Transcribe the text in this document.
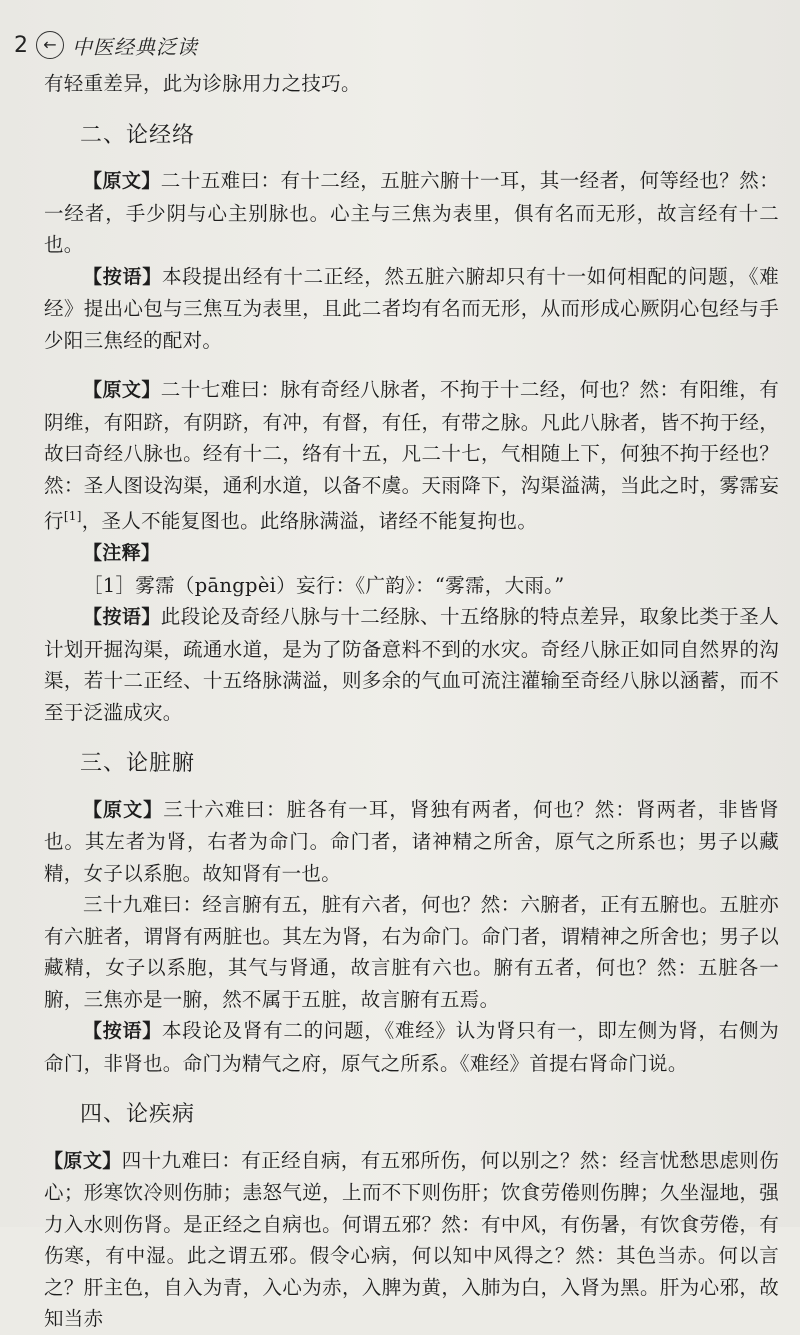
2 ← 中医经典泛读

有轻重差异，此为诊脉用力之技巧。

二、论经络

【原文】二十五难曰：有十二经，五脏六腑十一耳，其一经者，何等经也？然：一经者，手少阴与心主别脉也。心主与三焦为表里，俱有名而无形，故言经有十二也。

【按语】本段提出经有十二正经，然五脏六腑却只有十一如何相配的问题，《难经》提出心包与三焦互为表里，且此二者均有名而无形，从而形成心厥阴心包经与手少阳三焦经的配对。

【原文】二十七难曰：脉有奇经八脉者，不拘于十二经，何也？然：有阳维，有阴维，有阳跻，有阴跻，有冲，有督，有任，有带之脉。凡此八脉者，皆不拘于经，故曰奇经八脉也。经有十二，络有十五，凡二十七，气相随上下，何独不拘于经也？然：圣人图设沟渠，通利水道，以备不虞。天雨降下，沟渠溢满，当此之时，雾霈妄行[1]，圣人不能复图也。此络脉满溢，诸经不能复拘也。

【注释】

［1］雾霈（pāngpèi）妄行：《广韵》：“雾霈，大雨。”

【按语】此段论及奇经八脉与十二经脉、十五络脉的特点差异，取象比类于圣人计划开掘沟渠，疏通水道，是为了防备意料不到的水灾。奇经八脉正如同自然界的沟渠，若十二正经、十五络脉满溢，则多余的气血可流注灌输至奇经八脉以涵蓄，而不至于泛滥成灾。

三、论脏腑

【原文】三十六难曰：脏各有一耳，肾独有两者，何也？然：肾两者，非皆肾也。其左者为肾，右者为命门。命门者，诸神精之所舍，原气之所系也；男子以藏精，女子以系胞。故知肾有一也。

三十九难曰：经言腑有五，脏有六者，何也？然：六腑者，正有五腑也。五脏亦有六脏者，谓肾有两脏也。其左为肾，右为命门。命门者，谓精神之所舍也；男子以藏精，女子以系胞，其气与肾通，故言脏有六也。腑有五者，何也？然：五脏各一腑，三焦亦是一腑，然不属于五脏，故言腑有五焉。

【按语】本段论及肾有二的问题，《难经》认为肾只有一，即左侧为肾，右侧为命门，非肾也。命门为精气之府，原气之所系。《难经》首提右肾命门说。

四、论疾病

【原文】四十九难曰：有正经自病，有五邪所伤，何以别之？然：经言忧愁思虑则伤心；形寒饮冷则伤肺；恚怒气逆，上而不下则伤肝；饮食劳倦则伤脾；久坐湿地，强力入水则伤肾。是正经之自病也。何谓五邪？然：有中风，有伤暑，有饮食劳倦，有伤寒，有中湿。此之谓五邪。假令心病，何以知中风得之？然：其色当赤。何以言之？肝主色，自入为青，入心为赤，入脾为黄，入肺为白，入肾为黑。肝为心邪，故知当赤
